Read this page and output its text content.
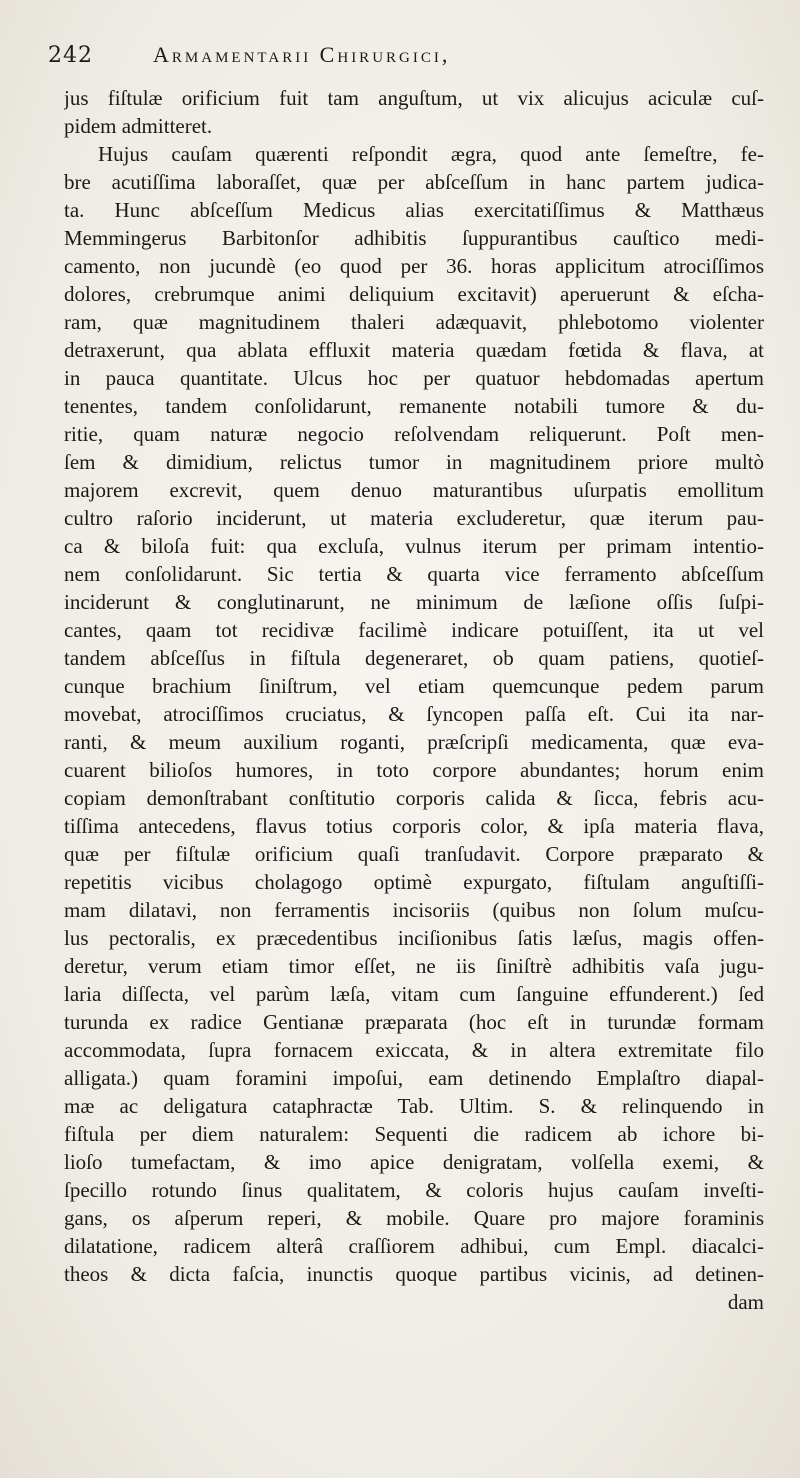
242	Armamentarii Chirurgici,
jus fiſtulæ orificium fuit tam anguſtum, ut vix alicujus aciculæ cuſ-
pidem admitteret.
Hujus cauſam quærenti reſpondit ægra, quod ante ſemeſtre, fe-
bre acutiſſima laboraſſet, quæ per abſceſſum in hanc partem judica-
ta. Hunc abſceſſum Medicus alias exercitatiſſimus & Matthæus
Memmingerus Barbitonſor adhibitis ſuppurantibus cauſtico medi-
camento, non jucundè (eo quod per 36. horas applicitum atrociſſimos
dolores, crebrumque animi deliquium excitavit) aperuerunt & eſcha-
ram, quæ magnitudinem thaleri adæquavit, phlebotomo violenter
detraxerunt, qua ablata effluxit materia quædam fœtida & flava, at
in pauca quantitate. Ulcus hoc per quatuor hebdomadas apertum
tenentes, tandem conſolidarunt, remanente notabili tumore & du-
ritie, quam naturæ negocio reſolvendam reliquerunt. Poſt men-
ſem & dimidium, relictus tumor in magnitudinem priore multò
majorem excrevit, quem denuo maturantibus uſurpatis emollitum
cultro raſorio inciderunt, ut materia excluderetur, quæ iterum pau-
ca & biloſa fuit: qua excluſa, vulnus iterum per primam intentio-
nem conſolidarunt. Sic tertia & quarta vice ferramento abſceſſum
inciderunt & conglutinarunt, ne minimum de læſione oſſis ſuſpi-
cantes, qaam tot recidivæ facilimè indicare potuiſſent, ita ut vel
tandem abſceſſus in fiſtula degeneraret, ob quam patiens, quotieſ-
cunque brachium ſiniſtrum, vel etiam quemcunque pedem parum
movebat, atrociſſimos cruciatus, & ſyncopen paſſa eſt. Cui ita nar-
ranti, & meum auxilium roganti, præſcripſi medicamenta, quæ eva-
cuarent bilioſos humores, in toto corpore abundantes; horum enim
copiam demonſtrabant conſtitutio corporis calida & ſicca, febris acu-
tiſſima antecedens, flavus totius corporis color, & ipſa materia flava,
quæ per fiſtulæ orificium quaſi tranſudavit. Corpore præparato &
repetitis vicibus cholagogo optimè expurgato, fiſtulam anguſtiſſi-
mam dilatavi, non ferramentis incisoriis (quibus non ſolum muſcu-
lus pectoralis, ex præcedentibus inciſionibus ſatis læſus, magis offen-
deretur, verum etiam timor eſſet, ne iis ſiniſtrè adhibitis vaſa jugu-
laria diſſecta, vel parùm læſa, vitam cum ſanguine effunderent.) ſed
turunda ex radice Gentianæ præparata (hoc eſt in turundæ formam
accommodata, ſupra fornacem exiccata, & in altera extremitate filo
alligata.) quam foramini impoſui, eam detinendo Emplaſtro diapal-
mæ ac deligatura cataphractæ Tab. Ultim. S. & relinquendo in
fiſtula per diem naturalem: Sequenti die radicem ab ichore bi-
lioſo tumefactam, & imo apice denigratam, volſella exemi, &
ſpecillo rotundo ſinus qualitatem, & coloris hujus cauſam inveſti-
gans, os aſperum reperi, & mobile. Quare pro majore foraminis
dilatatione, radicem alterâ craſſiorem adhibui, cum Empl. diacalci-
theos & dicta faſcia, inunctis quoque partibus vicinis, ad detinen-
dam
